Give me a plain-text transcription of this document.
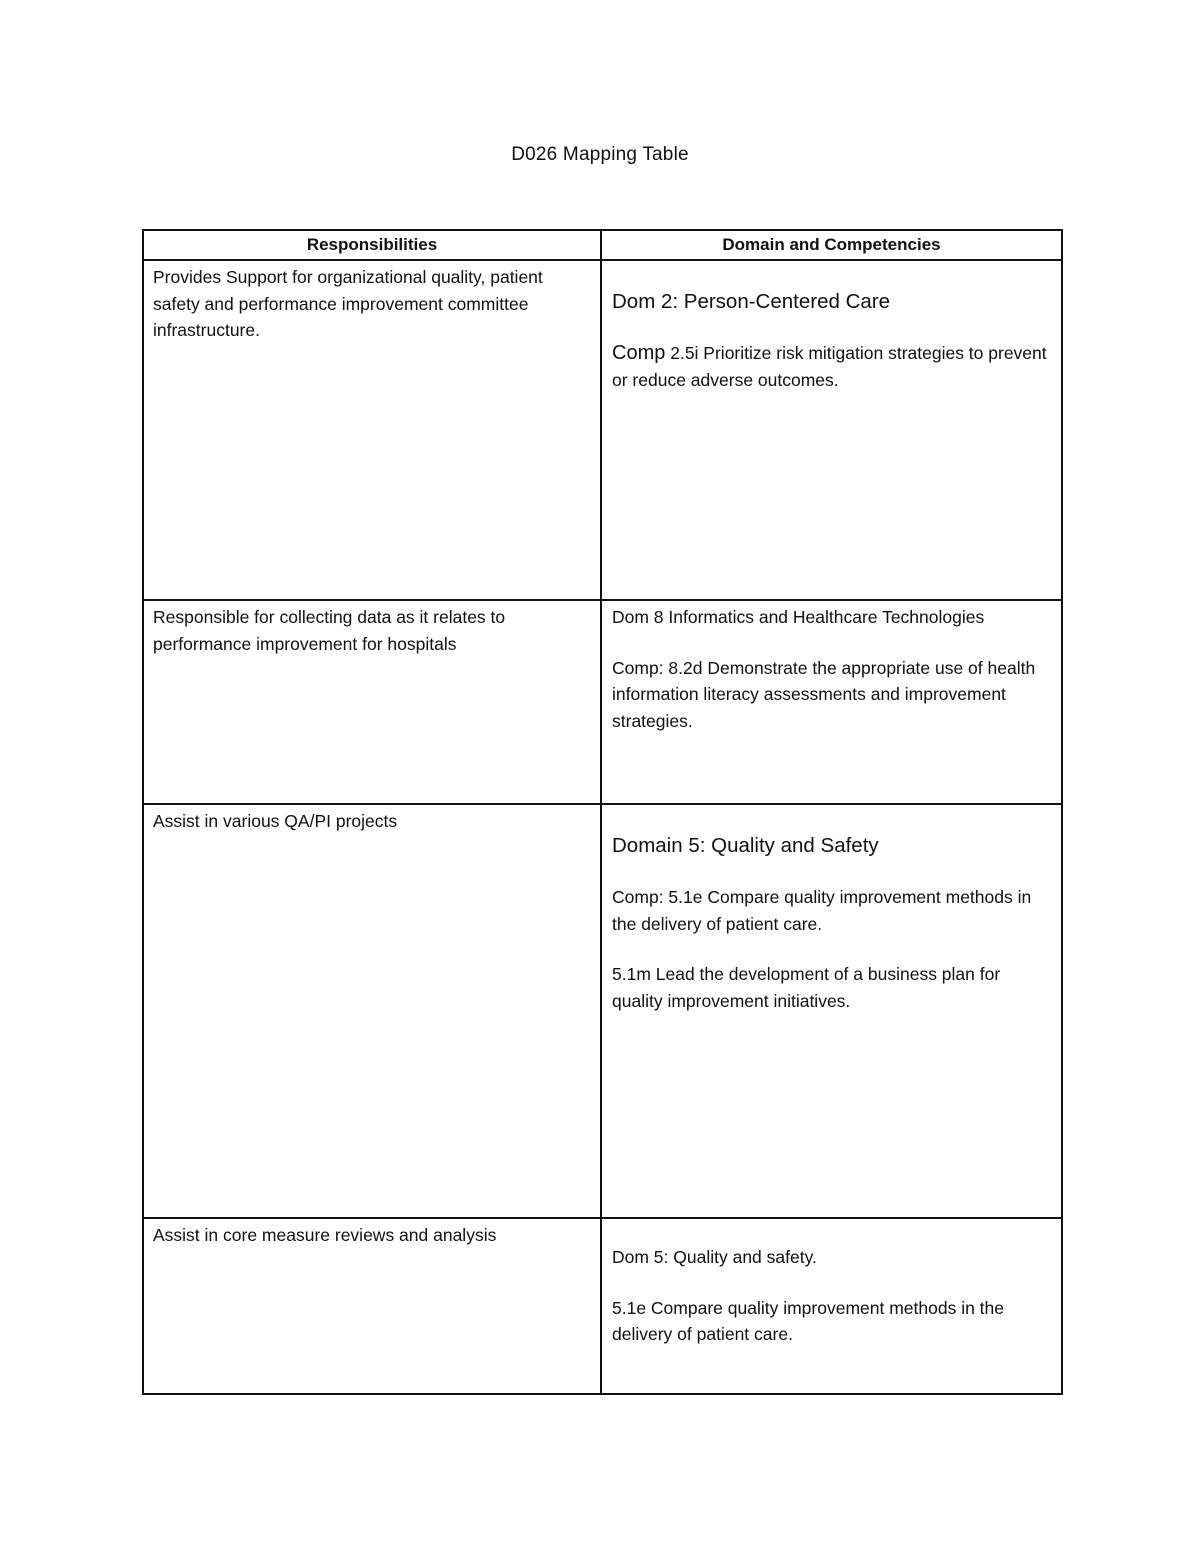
D026 Mapping Table
Responsibilities	Domain and Competencies

Provides Support for organizational quality, patient safety and performance improvement committee infrastructure.	Dom 2: Person-Centered Care

Comp 2.5i Prioritize risk mitigation strategies to prevent or reduce adverse outcomes.

Responsible for collecting data as it relates to performance improvement for hospitals	Dom 8 Informatics and Healthcare Technologies

Comp: 8.2d Demonstrate the appropriate use of health information literacy assessments and improvement strategies.

Assist in various QA/PI projects	Domain 5: Quality and Safety

Comp: 5.1e Compare quality improvement methods in the delivery of patient care.

5.1m Lead the development of a business plan for quality improvement initiatives.

Assist in core measure reviews and analysis	Dom 5: Quality and safety.

5.1e Compare quality improvement methods in the delivery of patient care.
